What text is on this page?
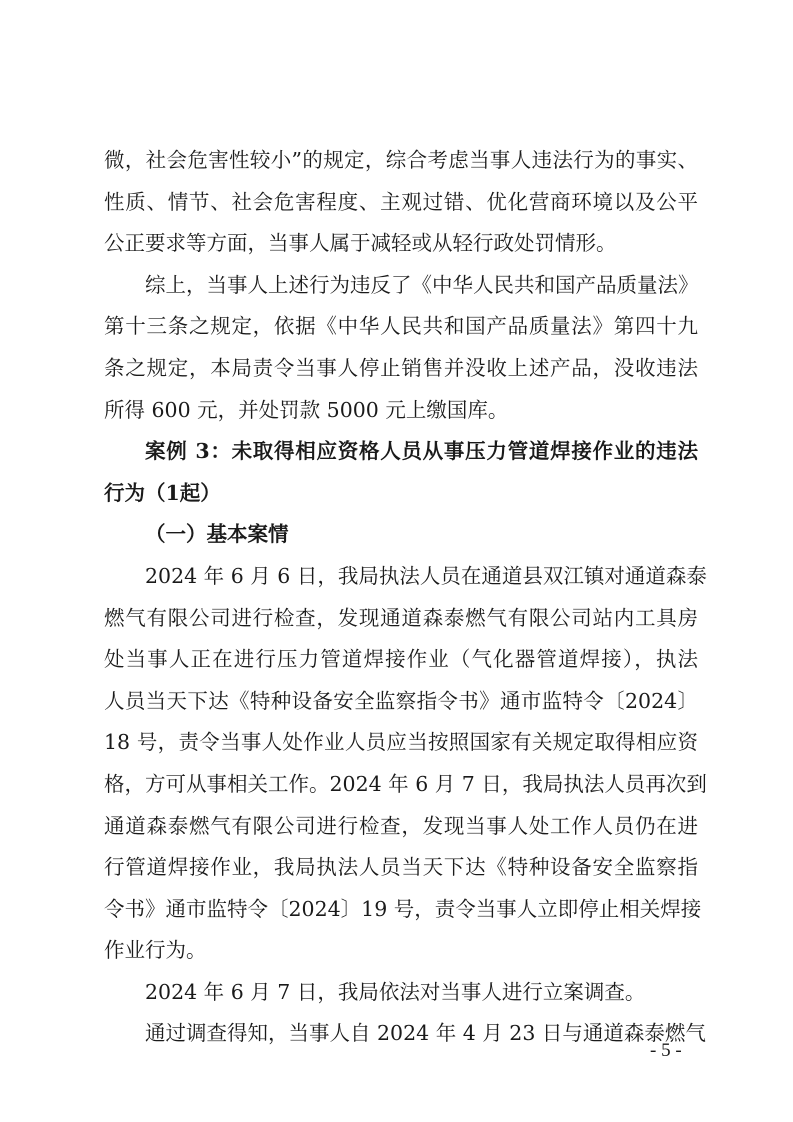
微，社会危害性较小”的规定，综合考虑当事人违法行为的事实、
性质、情节、社会危害程度、主观过错、优化营商环境以及公平
公正要求等方面，当事人属于减轻或从轻行政处罚情形。
综上，当事人上述行为违反了《中华人民共和国产品质量法》
第十三条之规定，依据《中华人民共和国产品质量法》第四十九
条之规定，本局责令当事人停止销售并没收上述产品，没收违法
所得 600 元，并处罚款 5000 元上缴国库。
案例 3：未取得相应资格人员从事压力管道焊接作业的违法
行为（1起）
（一）基本案情
2024 年 6 月 6 日，我局执法人员在通道县双江镇对通道森泰
燃气有限公司进行检查，发现通道森泰燃气有限公司站内工具房
处当事人正在进行压力管道焊接作业（气化器管道焊接），执法
人员当天下达《特种设备安全监察指令书》通市监特令〔2024〕
18 号，责令当事人处作业人员应当按照国家有关规定取得相应资
格，方可从事相关工作。2024 年 6 月 7 日，我局执法人员再次到
通道森泰燃气有限公司进行检查，发现当事人处工作人员仍在进
行管道焊接作业，我局执法人员当天下达《特种设备安全监察指
令书》通市监特令〔2024〕19 号，责令当事人立即停止相关焊接
作业行为。
2024 年 6 月 7 日，我局依法对当事人进行立案调查。
通过调查得知，当事人自 2024 年 4 月 23 日与通道森泰燃气
- 5 -
